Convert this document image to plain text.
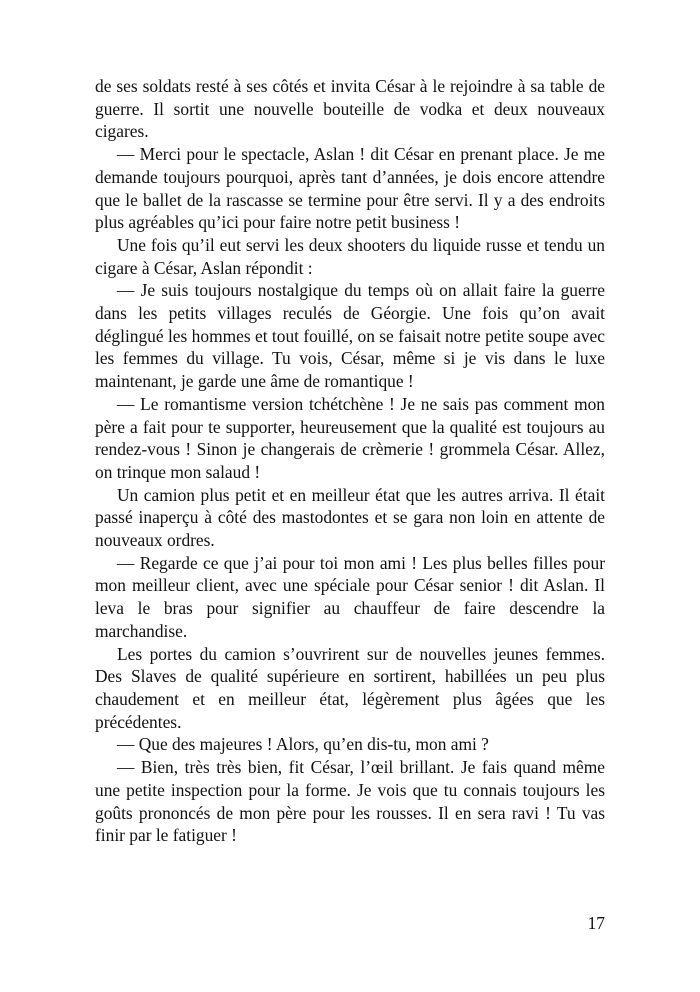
de ses soldats resté à ses côtés et invita César à le rejoindre à sa table de guerre. Il sortit une nouvelle bouteille de vodka et deux nouveaux cigares.

— Merci pour le spectacle, Aslan ! dit César en prenant place. Je me demande toujours pourquoi, après tant d’années, je dois encore attendre que le ballet de la rascasse se termine pour être servi. Il y a des endroits plus agréables qu’ici pour faire notre petit business !

Une fois qu’il eut servi les deux shooters du liquide russe et tendu un cigare à César, Aslan répondit :

— Je suis toujours nostalgique du temps où on allait faire la guerre dans les petits villages reculés de Géorgie. Une fois qu’on avait déglingué les hommes et tout fouillé, on se faisait notre petite soupe avec les femmes du village. Tu vois, César, même si je vis dans le luxe maintenant, je garde une âme de romantique !

— Le romantisme version tchétchène ! Je ne sais pas comment mon père a fait pour te supporter, heureusement que la qualité est toujours au rendez-vous ! Sinon je changerais de crèmerie ! grommela César. Allez, on trinque mon salaud !

Un camion plus petit et en meilleur état que les autres arriva. Il était passé inaperçu à côté des mastodontes et se gara non loin en attente de nouveaux ordres.

— Regarde ce que j’ai pour toi mon ami ! Les plus belles filles pour mon meilleur client, avec une spéciale pour César senior ! dit Aslan. Il leva le bras pour signifier au chauffeur de faire descendre la marchandise.

Les portes du camion s’ouvrirent sur de nouvelles jeunes femmes. Des Slaves de qualité supérieure en sortirent, habillées un peu plus chaudement et en meilleur état, légèrement plus âgées que les précédentes.

— Que des majeures ! Alors, qu’en dis-tu, mon ami ?

— Bien, très très bien, fit César, l’œil brillant. Je fais quand même une petite inspection pour la forme. Je vois que tu connais toujours les goûts prononcés de mon père pour les rousses. Il en sera ravi ! Tu vas finir par le fatiguer !

17
